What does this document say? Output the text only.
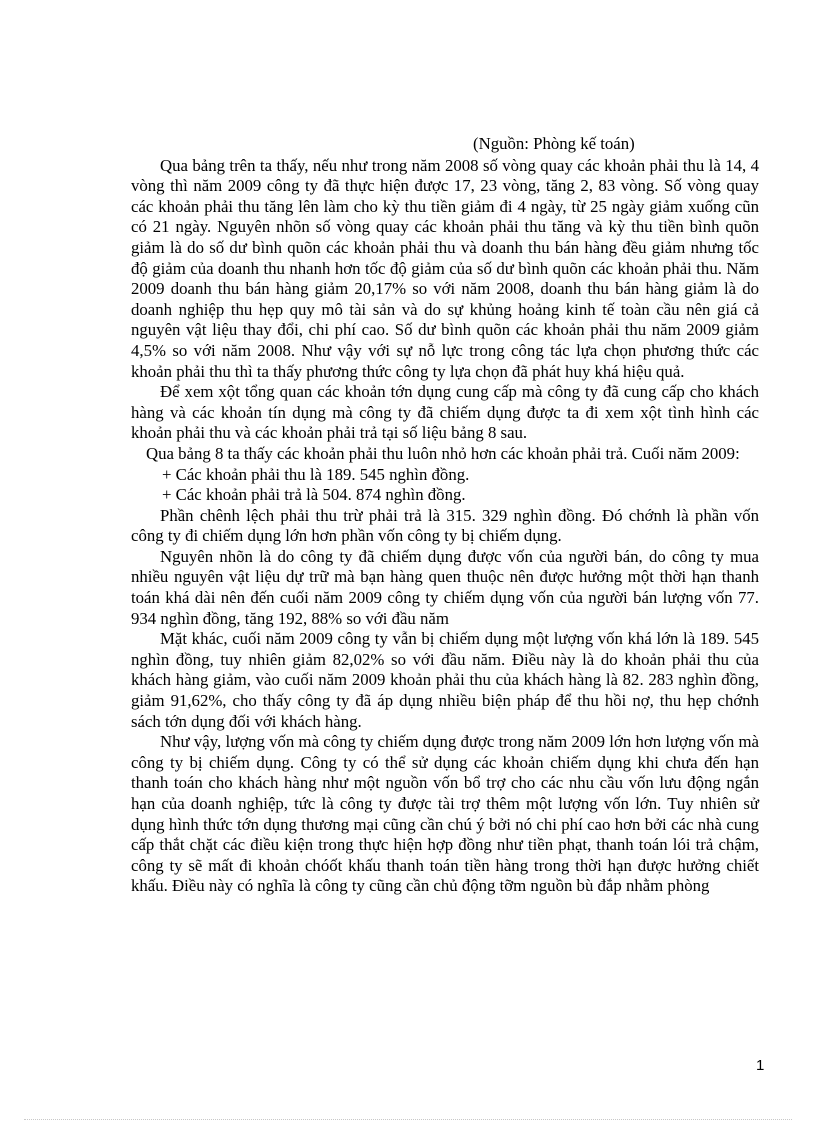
(Nguồn: Phòng kế toán)

Qua bảng trên ta thấy, nếu như trong năm 2008 số vòng quay các khoản phải thu là 14, 4 vòng thì năm 2009 công ty đã thực hiện được 17, 23 vòng, tăng 2, 83 vòng. Số vòng quay các khoản phải thu tăng lên làm cho kỳ thu tiền giảm đi 4 ngày, từ 25 ngày giảm xuống cũn có 21 ngày. Nguyên nhõn số vòng quay các khoản phải thu tăng và kỳ thu tiền bình quõn giảm là do số dư bình quõn các khoản phải thu và doanh thu bán hàng đều giảm nhưng tốc độ giảm của doanh thu nhanh hơn tốc độ giảm của số dư bình quõn các khoản phải thu. Năm 2009 doanh thu bán hàng giảm 20,17% so với năm 2008, doanh thu bán hàng giảm là do doanh nghiệp thu hẹp quy mô tài sản và do sự khủng hoảng kinh tế toàn cầu nên giá cả nguyên vật liệu thay đổi, chi phí cao. Số dư bình quõn các khoản phải thu năm 2009 giảm 4,5% so với năm 2008. Như vậy với sự nỗ lực trong công tác lựa chọn phương thức các khoản phải thu thì ta thấy phương thức công ty lựa chọn đã phát huy khá hiệu quả.

Để xem xột tổng quan các khoản tớn dụng cung cấp mà công ty đã cung cấp cho khách hàng và các khoản tín dụng mà công ty đã chiếm dụng được ta đi xem xột tình hình các khoản phải thu và các khoản phải trả tại số liệu bảng 8 sau.

Qua bảng 8 ta thấy các khoản phải thu luôn nhỏ hơn các khoản phải trả. Cuối năm 2009:

+ Các khoản phải thu là 189. 545 nghìn đồng.

+ Các khoản phải trả là 504. 874 nghìn đồng.

Phần chênh lệch phải thu trừ phải trả là 315. 329 nghìn đồng. Đó chớnh là phần vốn công ty đi chiếm dụng lớn hơn phần vốn công ty bị chiếm dụng.

Nguyên nhõn là do công ty đã chiếm dụng được vốn của người bán, do công ty mua nhiều nguyên vật liệu dự trữ mà bạn hàng quen thuộc nên được hưởng một thời hạn thanh toán khá dài nên đến cuối năm 2009 công ty chiếm dụng vốn của người bán lượng vốn 77. 934 nghìn đồng, tăng 192, 88% so với đầu năm

Mặt khác, cuối năm 2009 công ty vẫn bị chiếm dụng một lượng vốn khá lớn là 189. 545 nghìn đồng, tuy nhiên giảm 82,02% so với đầu năm. Điều này là do khoản phải thu của khách hàng giảm, vào cuối năm 2009 khoản phải thu của khách hàng là 82. 283 nghìn đồng, giảm 91,62%, cho thấy công ty đã áp dụng nhiều biện pháp để thu hồi nợ, thu hẹp chớnh sách tớn dụng đối với khách hàng.

Như vậy, lượng vốn mà công ty chiếm dụng được trong năm 2009 lớn hơn lượng vốn mà công ty bị chiếm dụng. Công ty có thể sử dụng các khoản chiếm dụng khi chưa đến hạn thanh toán cho khách hàng như một nguồn vốn bổ trợ cho các nhu cầu vốn lưu động ngắn hạn của doanh nghiệp, tức là công ty được tài trợ thêm một lượng vốn lớn. Tuy nhiên sử dụng hình thức tớn dụng thương mại cũng cần chú ý bởi nó chi phí cao hơn bởi các nhà cung cấp thắt chặt các điều kiện trong thực hiện hợp đồng như tiền phạt, thanh toán lói trả chậm, công ty sẽ mất đi khoản chóốt khấu thanh toán tiền hàng trong thời hạn được hưởng chiết khấu. Điều này có nghĩa là công ty cũng cần chủ động tỡm nguồn bù đắp nhằm phòng

1
